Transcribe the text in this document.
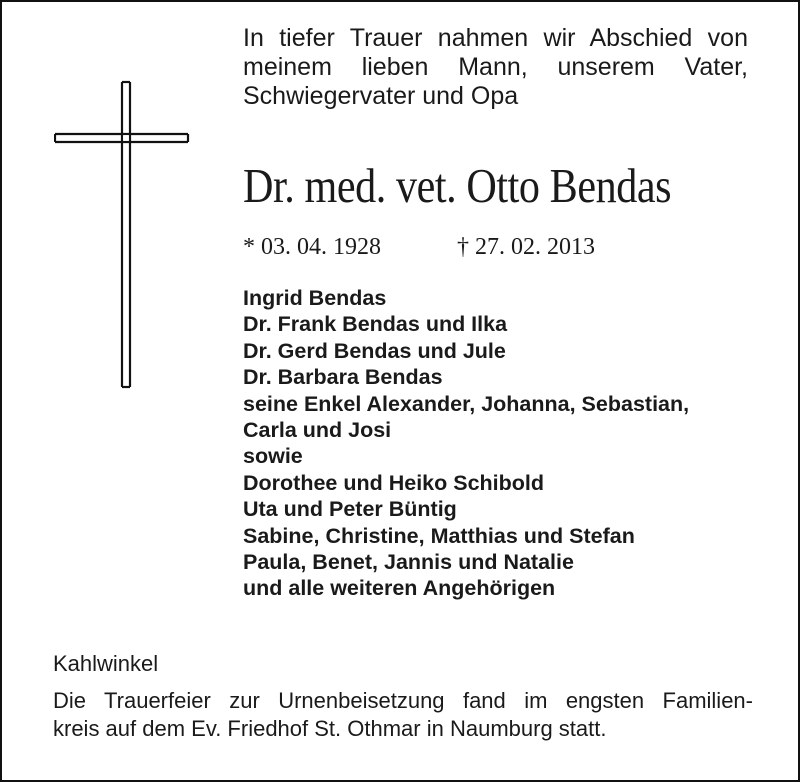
In tiefer Trauer nahmen wir Abschied von
meinem lieben Mann, unserem Vater,
Schwiegervater und Opa
Dr. med. vet. Otto Bendas
* 03. 04. 1928	† 27. 02. 2013
Ingrid Bendas
Dr. Frank Bendas und Ilka
Dr. Gerd Bendas und Jule
Dr. Barbara Bendas
seine Enkel Alexander, Johanna, Sebastian,
Carla und Josi
sowie
Dorothee und Heiko Schibold
Uta und Peter Büntig
Sabine, Christine, Matthias und Stefan
Paula, Benet, Jannis und Natalie
und alle weiteren Angehörigen
Kahlwinkel
Die Trauerfeier zur Urnenbeisetzung fand im engsten Familien-
kreis auf dem Ev. Friedhof St. Othmar in Naumburg statt.
